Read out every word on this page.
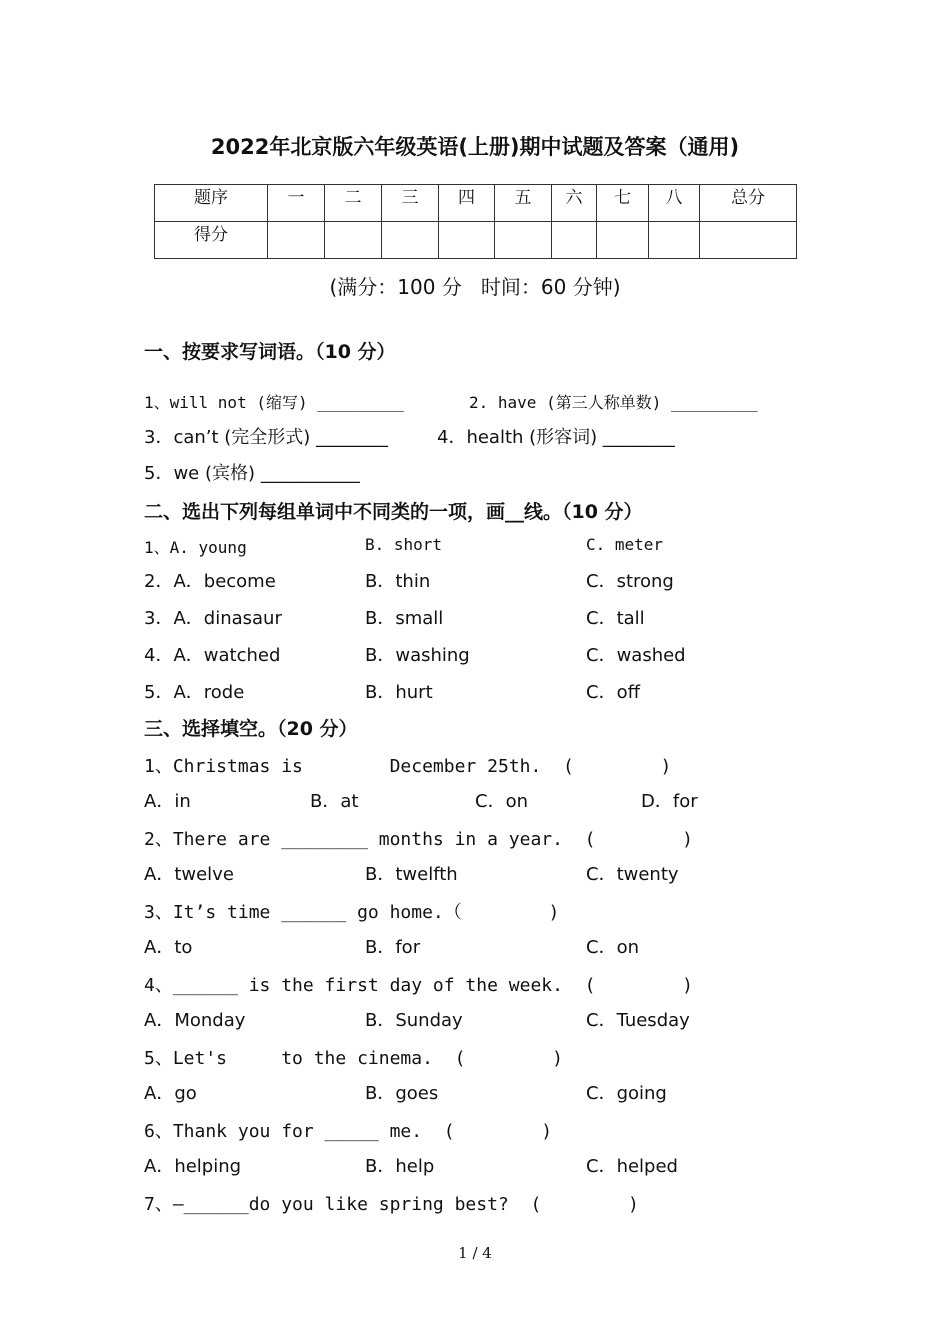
2022年北京版六年级英语(上册)期中试题及答案（通用)
题序	一	二	三	四	五	六	七	八	总分
得分									
(满分：100 分   时间：60 分钟)
一、按要求写词语。（10 分）
1、will not (缩写) _________	2. have (第三人称单数) _________
3．can’t (完全形式) ________	4．health (形容词) ________
5．we (宾格) ___________
二、选出下列每组单词中不同类的一项，画__线。（10 分）
1、A. young	B. short	C. meter
2．A．become	B．thin	C．strong
3．A．dinasaur	B．small	C．tall
4．A．watched	B．washing	C．washed
5．A．rode	B．hurt	C．off
三、选择填空。（20 分）
1、Christmas is        December 25th.  (        )
A．in	B．at	C．on	D．for
2、There are ________ months in a year.  (        )
A．twelve	B．twelfth	C．twenty
3、It’s time ______ go home.（        )
A．to	B．for	C．on
4、______ is the first day of the week.  (        )
A．Monday	B．Sunday	C．Tuesday
5、Let's     to the cinema.  (        )
A．go	B．goes	C．going
6、Thank you for _____ me.  (        )
A．helping	B．help	C．helped
7、—______do you like spring best?  (        )
1 / 4
